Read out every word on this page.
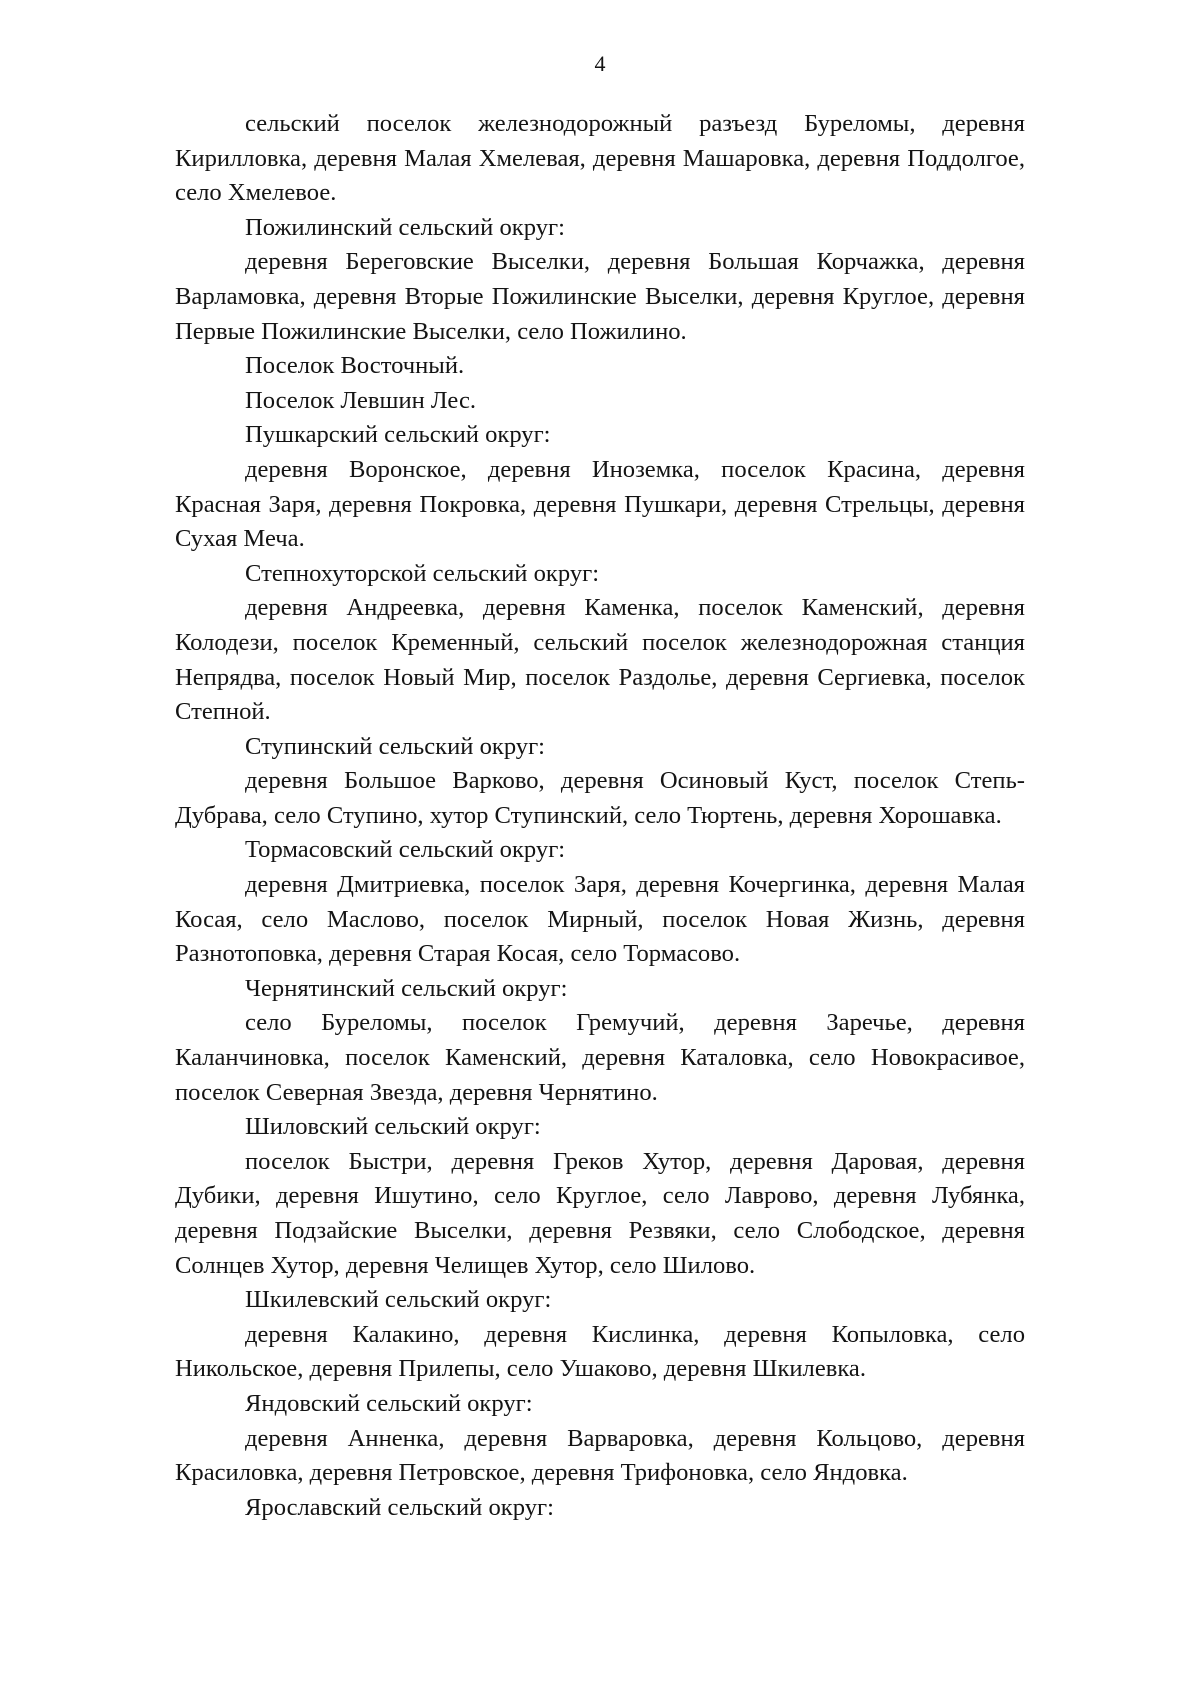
4

сельский поселок железнодорожный разъезд Буреломы, деревня Кирилловка, деревня Малая Хмелевая, деревня Машаровка, деревня Поддолгое, село Хмелевое.

Пожилинский сельский округ:

деревня Береговские Выселки, деревня Большая Корчажка, деревня Варламовка, деревня Вторые Пожилинские Выселки, деревня Круглое, деревня Первые Пожилинские Выселки, село Пожилино.

Поселок Восточный.

Поселок Левшин Лес.

Пушкарский сельский округ:

деревня Воронское, деревня Иноземка, поселок Красина, деревня Красная Заря, деревня Покровка, деревня Пушкари, деревня Стрельцы, деревня Сухая Меча.

Степнохуторской сельский округ:

деревня Андреевка, деревня Каменка, поселок Каменский, деревня Колодези, поселок Кременный, сельский поселок железнодорожная станция Непрядва, поселок Новый Мир, поселок Раздолье, деревня Сергиевка, поселок Степной.

Ступинский сельский округ:

деревня Большое Варково, деревня Осиновый Куст, поселок Степь-Дубрава, село Ступино, хутор Ступинский, село Тюртень, деревня Хорошавка.

Тормасовский сельский округ:

деревня Дмитриевка, поселок Заря, деревня Кочергинка, деревня Малая Косая, село Маслово, поселок Мирный, поселок Новая Жизнь, деревня Разнотоповка, деревня Старая Косая, село Тормасово.

Чернятинский сельский округ:

село Буреломы, поселок Гремучий, деревня Заречье, деревня Каланчиновка, поселок Каменский, деревня Каталовка, село Новокрасивое, поселок Северная Звезда, деревня Чернятино.

Шиловский сельский округ:

поселок Быстри, деревня Греков Хутор, деревня Даровая, деревня Дубики, деревня Ишутино, село Круглое, село Лаврово, деревня Лубянка, деревня Подзайские Выселки, деревня Резвяки, село Слободское, деревня Солнцев Хутор, деревня Челищев Хутор, село Шилово.

Шкилевский сельский округ:

деревня Калакино, деревня Кислинка, деревня Копыловка, село Никольское, деревня Прилепы, село Ушаково, деревня Шкилевка.

Яндовский сельский округ:

деревня Анненка, деревня Варваровка, деревня Кольцово, деревня Красиловка, деревня Петровское, деревня Трифоновка, село Яндовка.

Ярославский сельский округ:
